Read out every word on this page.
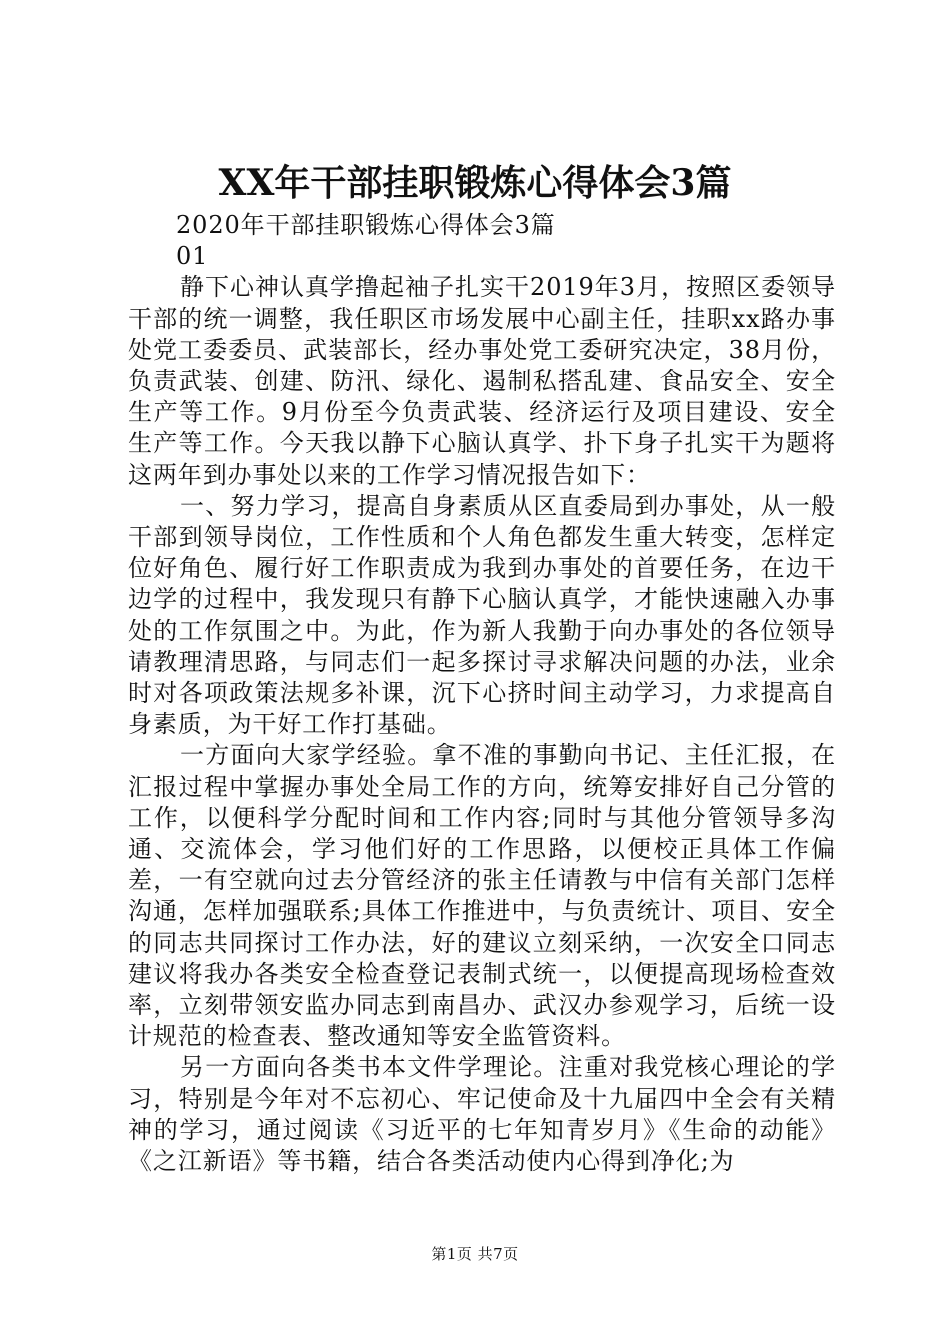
XX年干部挂职锻炼心得体会3篇

2020年干部挂职锻炼心得体会3篇

01

静下心神认真学撸起袖子扎实干2019年3月，按照区委领导干部的统一调整，我任职区市场发展中心副主任，挂职xx路办事处党工委委员、武装部长，经办事处党工委研究决定，38月份，负责武装、创建、防汛、绿化、遏制私搭乱建、食品安全、安全生产等工作。9月份至今负责武装、经济运行及项目建设、安全生产等工作。今天我以静下心脑认真学、扑下身子扎实干为题将这两年到办事处以来的工作学习情况报告如下：

一、努力学习，提高自身素质从区直委局到办事处，从一般干部到领导岗位，工作性质和个人角色都发生重大转变，怎样定位好角色、履行好工作职责成为我到办事处的首要任务，在边干边学的过程中，我发现只有静下心脑认真学，才能快速融入办事处的工作氛围之中。为此，作为新人我勤于向办事处的各位领导请教理清思路，与同志们一起多探讨寻求解决问题的办法，业余时对各项政策法规多补课，沉下心挤时间主动学习，力求提高自身素质，为干好工作打基础。

一方面向大家学经验。拿不准的事勤向书记、主任汇报，在汇报过程中掌握办事处全局工作的方向，统筹安排好自己分管的工作，以便科学分配时间和工作内容;同时与其他分管领导多沟通、交流体会，学习他们好的工作思路，以便校正具体工作偏差，一有空就向过去分管经济的张主任请教与中信有关部门怎样沟通，怎样加强联系;具体工作推进中，与负责统计、项目、安全的同志共同探讨工作办法，好的建议立刻采纳，一次安全口同志建议将我办各类安全检查登记表制式统一，以便提高现场检查效率，立刻带领安监办同志到南昌办、武汉办参观学习，后统一设计规范的检查表、整改通知等安全监管资料。

另一方面向各类书本文件学理论。注重对我党核心理论的学习，特别是今年对不忘初心、牢记使命及十九届四中全会有关精神的学习，通过阅读《习近平的七年知青岁月》《生命的动能》《之江新语》等书籍，结合各类活动使内心得到净化;为

第1页 共7页
